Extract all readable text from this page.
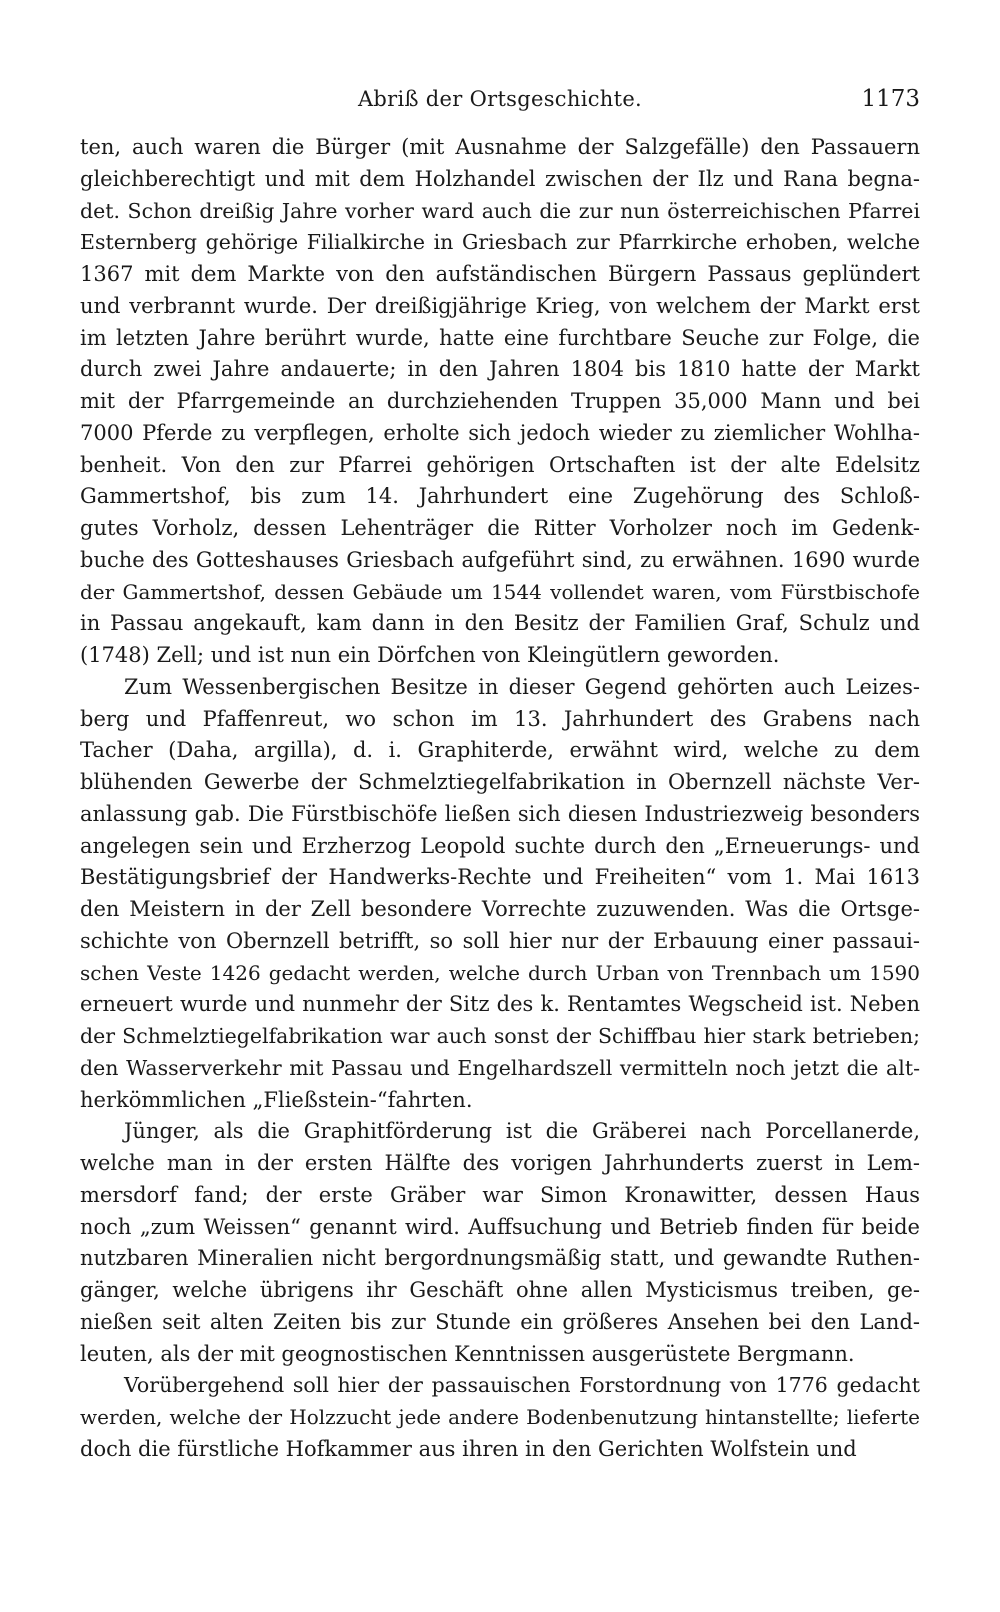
Abriß der Ortsgeschichte.	1173
ten, auch waren die Bürger (mit Ausnahme der Salzgefälle) den Passauern
gleichberechtigt und mit dem Holzhandel zwischen der Ilz und Rana begna-
det. Schon dreißig Jahre vorher ward auch die zur nun österreichischen Pfarrei
Esternberg gehörige Filialkirche in Griesbach zur Pfarrkirche erhoben, welche
1367 mit dem Markte von den aufständischen Bürgern Passaus geplündert
und verbrannt wurde. Der dreißigjährige Krieg, von welchem der Markt erst
im letzten Jahre berührt wurde, hatte eine furchtbare Seuche zur Folge, die
durch zwei Jahre andauerte; in den Jahren 1804 bis 1810 hatte der Markt
mit der Pfarrgemeinde an durchziehenden Truppen 35,000 Mann und bei
7000 Pferde zu verpflegen, erholte sich jedoch wieder zu ziemlicher Wohlha-
benheit. Von den zur Pfarrei gehörigen Ortschaften ist der alte Edelsitz
Gammertshof, bis zum 14. Jahrhundert eine Zugehörung des Schloß-
gutes Vorholz, dessen Lehenträger die Ritter Vorholzer noch im Gedenk-
buche des Gotteshauses Griesbach aufgeführt sind, zu erwähnen. 1690 wurde
der Gammertshof, dessen Gebäude um 1544 vollendet waren, vom Fürstbischofe
in Passau angekauft, kam dann in den Besitz der Familien Graf, Schulz und
(1748) Zell; und ist nun ein Dörfchen von Kleingütlern geworden.
Zum Wessenbergischen Besitze in dieser Gegend gehörten auch Leizes-
berg und Pfaffenreut, wo schon im 13. Jahrhundert des Grabens nach
Tacher (Daha, argilla), d. i. Graphiterde, erwähnt wird, welche zu dem
blühenden Gewerbe der Schmelztiegelfabrikation in Obernzell nächste Ver-
anlassung gab. Die Fürstbischöfe ließen sich diesen Industriezweig besonders
angelegen sein und Erzherzog Leopold suchte durch den „Erneuerungs- und
Bestätigungsbrief der Handwerks-Rechte und Freiheiten“ vom 1. Mai 1613
den Meistern in der Zell besondere Vorrechte zuzuwenden. Was die Ortsge-
schichte von Obernzell betrifft, so soll hier nur der Erbauung einer passaui-
schen Veste 1426 gedacht werden, welche durch Urban von Trennbach um 1590
erneuert wurde und nunmehr der Sitz des k. Rentamtes Wegscheid ist. Neben
der Schmelztiegelfabrikation war auch sonst der Schiffbau hier stark betrieben;
den Wasserverkehr mit Passau und Engelhardszell vermitteln noch jetzt die alt-
herkömmlichen „Fließstein-“fahrten.
Jünger, als die Graphitförderung ist die Gräberei nach Porcellanerde,
welche man in der ersten Hälfte des vorigen Jahrhunderts zuerst in Lem-
mersdorf fand; der erste Gräber war Simon Kronawitter, dessen Haus
noch „zum Weissen“ genannt wird. Auffsuchung und Betrieb finden für beide
nutzbaren Mineralien nicht bergordnungsmäßig statt, und gewandte Ruthen-
gänger, welche übrigens ihr Geschäft ohne allen Mysticismus treiben, ge-
nießen seit alten Zeiten bis zur Stunde ein größeres Ansehen bei den Land-
leuten, als der mit geognostischen Kenntnissen ausgerüstete Bergmann.
Vorübergehend soll hier der passauischen Forstordnung von 1776 gedacht
werden, welche der Holzzucht jede andere Bodenbenutzung hintanstellte; lieferte
doch die fürstliche Hofkammer aus ihren in den Gerichten Wolfstein und
